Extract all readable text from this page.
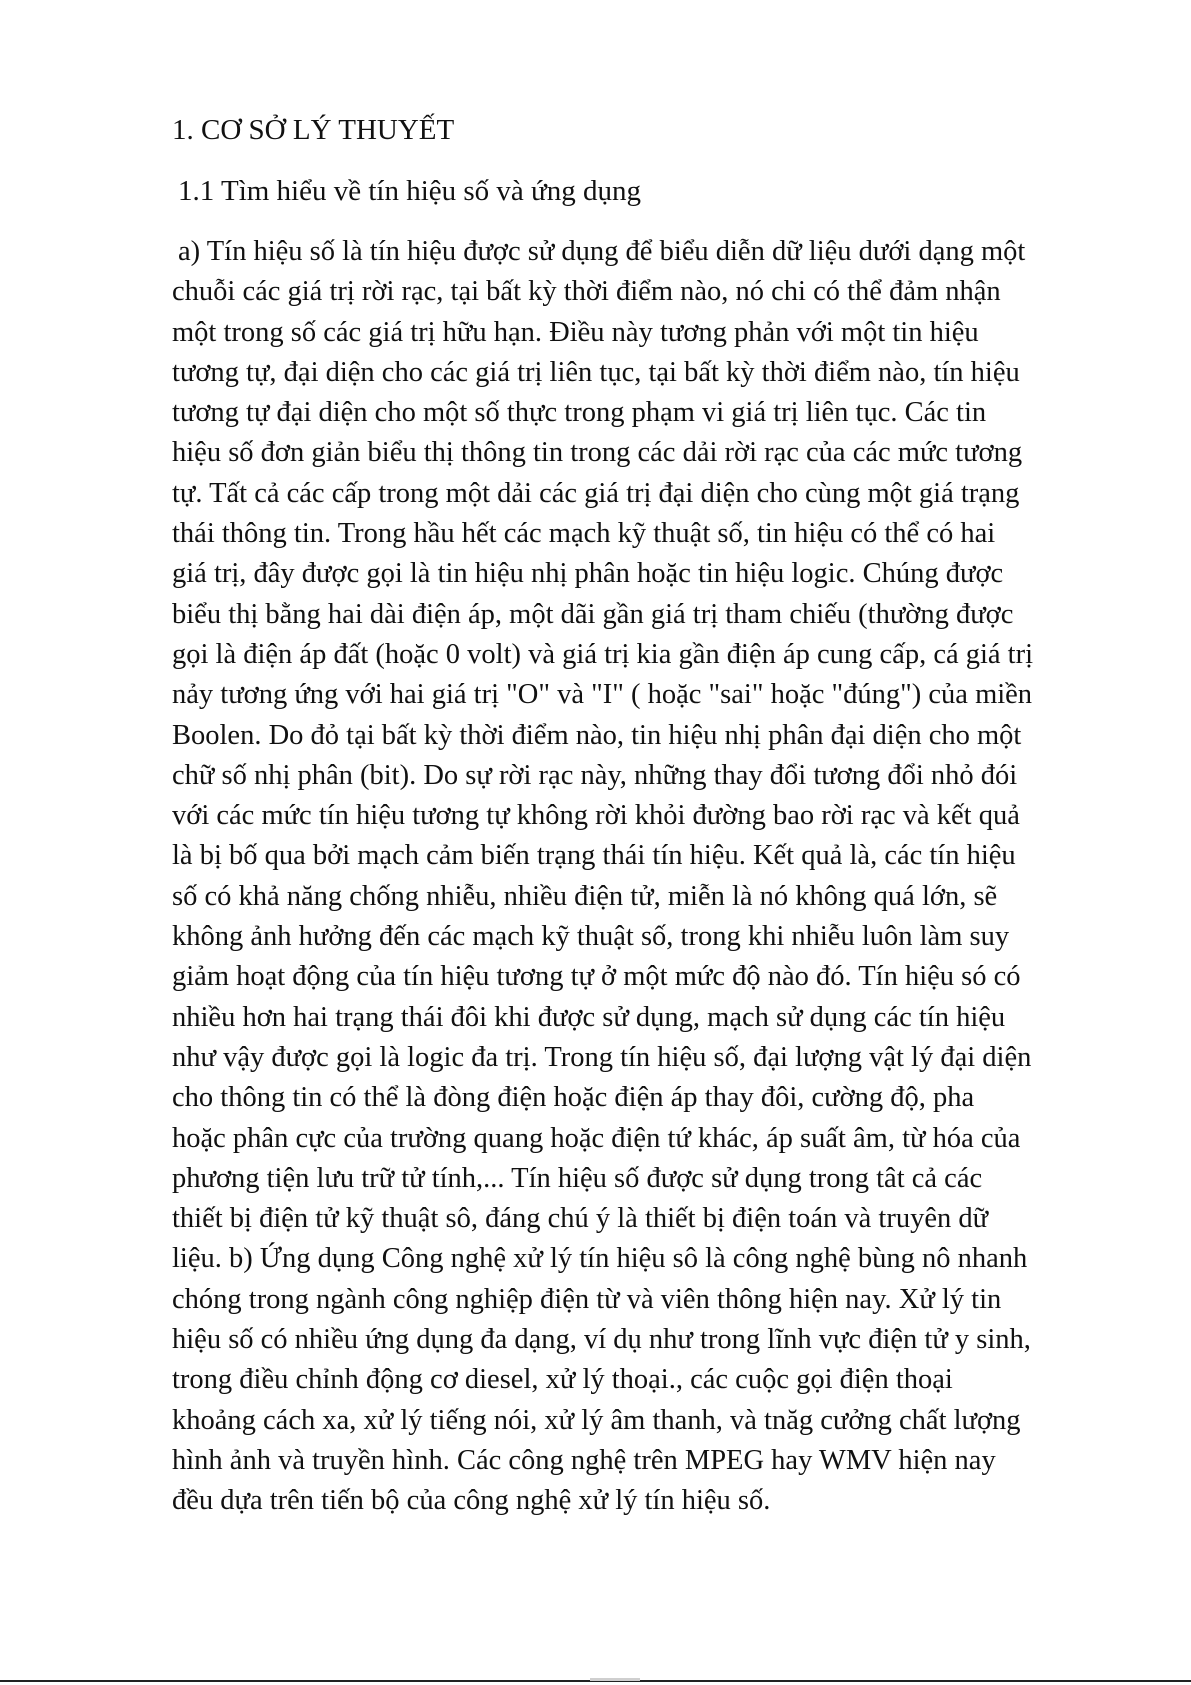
1. CƠ SỞ LÝ THUYẾT
1.1 Tìm hiểu về tín hiệu số và ứng dụng
a) Tín hiệu số là tín hiệu được sử dụng để biểu diễn dữ liệu dưới dạng một
chuỗi các giá trị rời rạc, tại bất kỳ thời điểm nào, nó chi có thể đảm nhận
một trong số các giá trị hữu hạn. Điều này tương phản với một tin hiệu
tương tự, đại diện cho các giá trị liên tục, tại bất kỳ thời điểm nào, tín hiệu
tương tự đại diện cho một số thực trong phạm vi giá trị liên tục. Các tin
hiệu số đơn giản biểu thị thông tin trong các dải rời rạc của các mức tương
tự. Tất cả các cấp trong một dải các giá trị đại diện cho cùng một giá trạng
thái thông tin. Trong hầu hết các mạch kỹ thuật số, tin hiệu có thể có hai
giá trị, đây được gọi là tin hiệu nhị phân hoặc tin hiệu logic. Chúng được
biểu thị bằng hai dài điện áp, một dãi gần giá trị tham chiếu (thường được
gọi là điện áp đất (hoặc 0 volt) và giá trị kia gần điện áp cung cấp, cá giá trị
nảy tương ứng với hai giá trị "O" và "I" ( hoặc "sai" hoặc "đúng") của miền
Boolen. Do đỏ tại bất kỳ thời điểm nào, tin hiệu nhị phân đại diện cho một
chữ số nhị phân (bit). Do sự rời rạc này, những thay đổi tương đổi nhỏ đói
với các mức tín hiệu tương tự không rời khỏi đường bao rời rạc và kết quả
là bị bố qua bởi mạch cảm biến trạng thái tín hiệu. Kết quả là, các tín hiệu
số có khả năng chống nhiễu, nhiều điện tử, miễn là nó không quá lớn, sẽ
không ảnh hưởng đến các mạch kỹ thuật số, trong khi nhiễu luôn làm suy
giảm hoạt động của tín hiệu tương tự ở một mức độ nào đó. Tín hiệu só có
nhiều hơn hai trạng thái đôi khi được sử dụng, mạch sử dụng các tín hiệu
như vậy được gọi là logic đa trị. Trong tín hiệu số, đại lượng vật lý đại diện
cho thông tin có thể là đòng điện hoặc điện áp thay đôi, cường độ, pha
hoặc phân cực của trường quang hoặc điện tứ khác, áp suất âm, từ hóa của
phương tiện lưu trữ tử tính,... Tín hiệu số được sử dụng trong tât cả các
thiết bị điện tử kỹ thuật sô, đáng chú ý là thiết bị điện toán và truyên dữ
liệu. b) Ứng dụng Công nghệ xử lý tín hiệu sô là công nghệ bùng nô nhanh
chóng trong ngành công nghiệp điện từ và viên thông hiện nay. Xử lý tin
hiệu số có nhiều ứng dụng đa dạng, ví dụ như trong lĩnh vực điện tử y sinh,
trong điều chỉnh động cơ diesel, xử lý thoại., các cuộc gọi điện thoại
khoảng cách xa, xử lý tiếng nói, xử lý âm thanh, và tnăg cưởng chất lượng
hình ảnh và truyền hình. Các công nghệ trên MPEG hay WMV hiện nay
đều dựa trên tiến bộ của công nghệ xử lý tín hiệu số.
